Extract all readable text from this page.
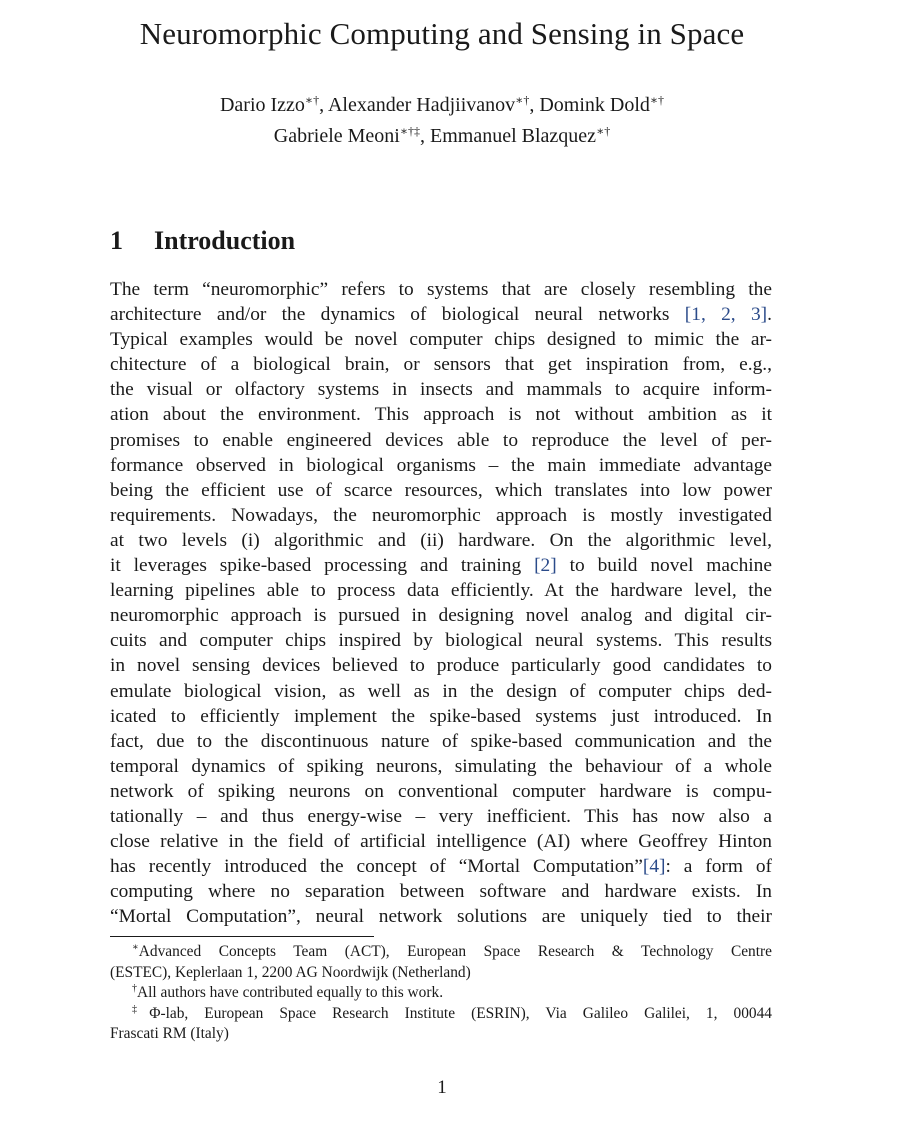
Neuromorphic Computing and Sensing in Space
Dario Izzo∗†, Alexander Hadjiivanov∗†, Domink Dold∗†
Gabriele Meoni∗†‡, Emmanuel Blazquez∗†
1 Introduction
The term “neuromorphic” refers to systems that are closely resembling the
architecture and/or the dynamics of biological neural networks [1, 2, 3].
Typical examples would be novel computer chips designed to mimic the ar-
chitecture of a biological brain, or sensors that get inspiration from, e.g.,
the visual or olfactory systems in insects and mammals to acquire inform-
ation about the environment. This approach is not without ambition as it
promises to enable engineered devices able to reproduce the level of per-
formance observed in biological organisms – the main immediate advantage
being the efficient use of scarce resources, which translates into low power
requirements. Nowadays, the neuromorphic approach is mostly investigated
at two levels (i) algorithmic and (ii) hardware. On the algorithmic level,
it leverages spike-based processing and training [2] to build novel machine
learning pipelines able to process data efficiently. At the hardware level, the
neuromorphic approach is pursued in designing novel analog and digital cir-
cuits and computer chips inspired by biological neural systems. This results
in novel sensing devices believed to produce particularly good candidates to
emulate biological vision, as well as in the design of computer chips ded-
icated to efficiently implement the spike-based systems just introduced. In
fact, due to the discontinuous nature of spike-based communication and the
temporal dynamics of spiking neurons, simulating the behaviour of a whole
network of spiking neurons on conventional computer hardware is compu-
tationally – and thus energy-wise – very inefficient. This has now also a
close relative in the field of artificial intelligence (AI) where Geoffrey Hinton
has recently introduced the concept of “Mortal Computation”[4]: a form of
computing where no separation between software and hardware exists. In
“Mortal Computation”, neural network solutions are uniquely tied to their
∗Advanced Concepts Team (ACT), European Space Research & Technology Centre
(ESTEC), Keplerlaan 1, 2200 AG Noordwijk (Netherland)
†All authors have contributed equally to this work.
‡Φ-lab, European Space Research Institute (ESRIN), Via Galileo Galilei, 1, 00044
Frascati RM (Italy)
1
